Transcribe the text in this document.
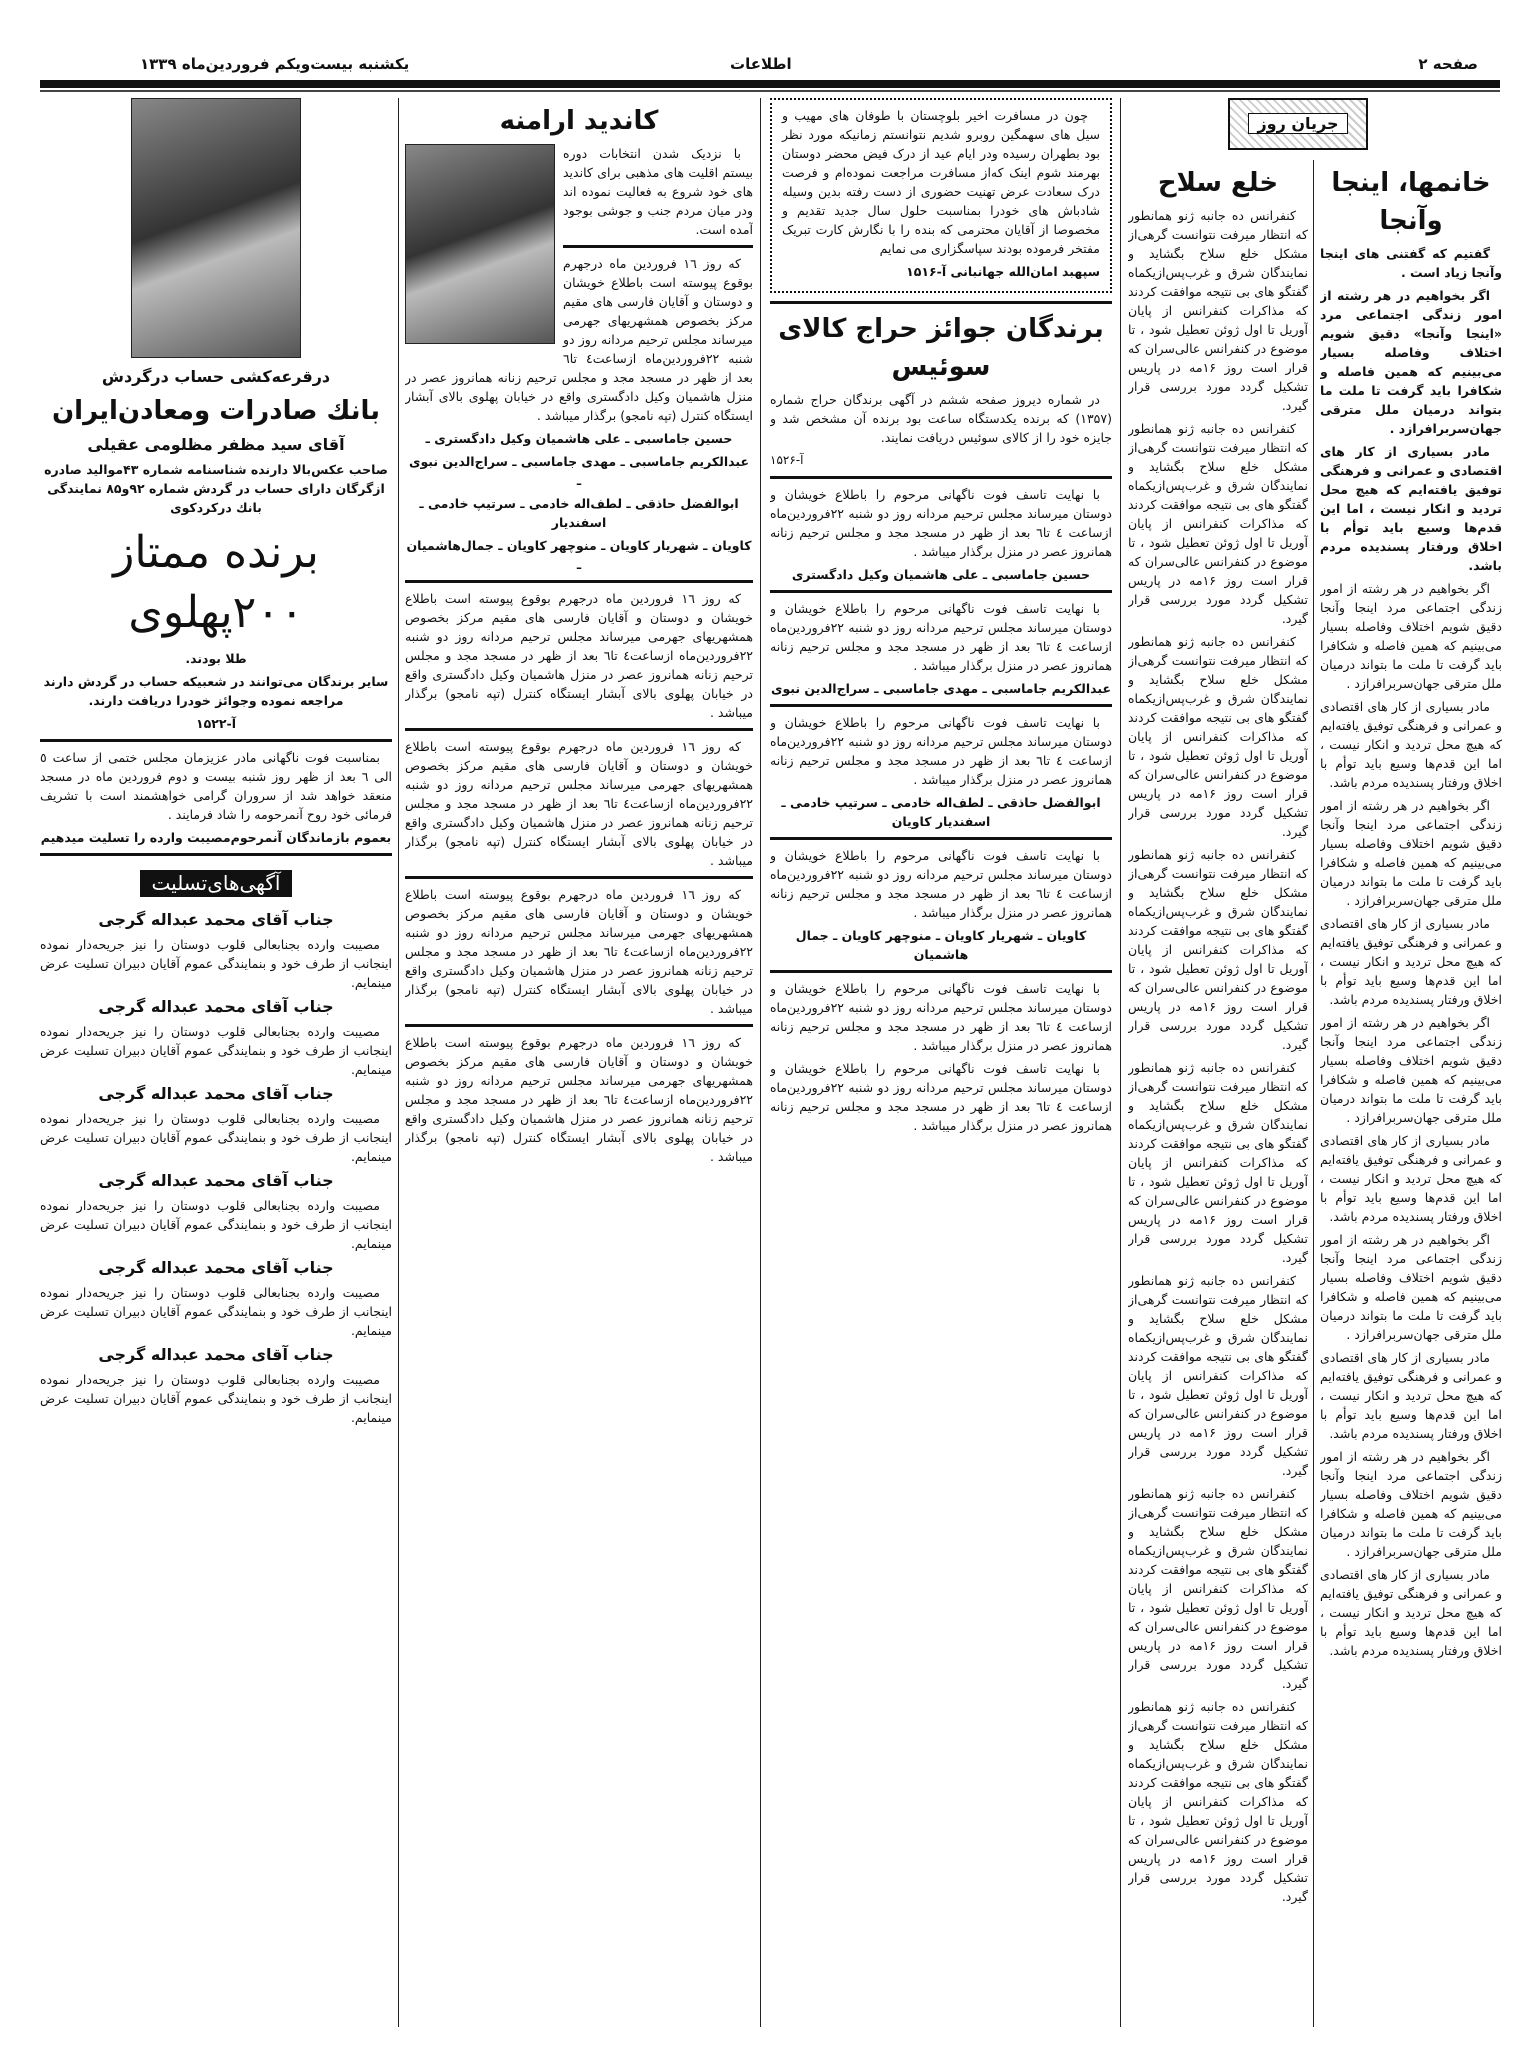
صفحه ۲
اطلاعات
یکشنبه بیست‌ویکم فروردین‌ماه ۱۳۳۹
جریان روز
خانمها، اینجا وآنجا

گفتیم که گفتنی های اینجا وآنجا زیاد است .

اگر بخواهیم در هر رشته از امور زندگی اجتماعی مرد «اینجا وآنجا» دقیق شویم اختلاف وفاصله بسیار می‌بینیم که همین فاصله و شکافرا باید گرفت تا ملت ما بتواند درمیان ملل مترقی جهان‌سربرافرازد .

مادر بسیاری از کار های اقتصادی و عمرانی و فرهنگی توفیق یافته‌ایم که هیچ محل تردید و انکار نیست ، اما این قدم‌ها وسیع باید توأم با اخلاق ورفتار پسندیده مردم باشد.

اگر بخواهیم در هر رشته از امور زندگی اجتماعی مرد اینجا وآنجا دقیق شویم اختلاف وفاصله بسیار می‌بینیم که همین فاصله و شکافرا باید گرفت تا ملت ما بتواند درمیان ملل مترقی جهان‌سربرافرازد .

مادر بسیاری از کار های اقتصادی و عمرانی و فرهنگی توفیق یافته‌ایم که هیچ محل تردید و انکار نیست ، اما این قدم‌ها وسیع باید توأم با اخلاق ورفتار پسندیده مردم باشد.

اگر بخواهیم در هر رشته از امور زندگی اجتماعی مرد اینجا وآنجا دقیق شویم اختلاف وفاصله بسیار می‌بینیم که همین فاصله و شکافرا باید گرفت تا ملت ما بتواند درمیان ملل مترقی جهان‌سربرافرازد .

مادر بسیاری از کار های اقتصادی و عمرانی و فرهنگی توفیق یافته‌ایم که هیچ محل تردید و انکار نیست ، اما این قدم‌ها وسیع باید توأم با اخلاق ورفتار پسندیده مردم باشد.

اگر بخواهیم در هر رشته از امور زندگی اجتماعی مرد اینجا وآنجا دقیق شویم اختلاف وفاصله بسیار می‌بینیم که همین فاصله و شکافرا باید گرفت تا ملت ما بتواند درمیان ملل مترقی جهان‌سربرافرازد .

مادر بسیاری از کار های اقتصادی و عمرانی و فرهنگی توفیق یافته‌ایم که هیچ محل تردید و انکار نیست ، اما این قدم‌ها وسیع باید توأم با اخلاق ورفتار پسندیده مردم باشد.

اگر بخواهیم در هر رشته از امور زندگی اجتماعی مرد اینجا وآنجا دقیق شویم اختلاف وفاصله بسیار می‌بینیم که همین فاصله و شکافرا باید گرفت تا ملت ما بتواند درمیان ملل مترقی جهان‌سربرافرازد .

مادر بسیاری از کار های اقتصادی و عمرانی و فرهنگی توفیق یافته‌ایم که هیچ محل تردید و انکار نیست ، اما این قدم‌ها وسیع باید توأم با اخلاق ورفتار پسندیده مردم باشد.

اگر بخواهیم در هر رشته از امور زندگی اجتماعی مرد اینجا وآنجا دقیق شویم اختلاف وفاصله بسیار می‌بینیم که همین فاصله و شکافرا باید گرفت تا ملت ما بتواند درمیان ملل مترقی جهان‌سربرافرازد .

مادر بسیاری از کار های اقتصادی و عمرانی و فرهنگی توفیق یافته‌ایم که هیچ محل تردید و انکار نیست ، اما این قدم‌ها وسیع باید توأم با اخلاق ورفتار پسندیده مردم باشد.

خلع سلاح

کنفرانس ده جانبه ژنو همانطور که انتظار میرفت نتوانست گرهی‌از مشکل خلع سلاح بگشاید و نمایندگان شرق و غرب‌پس‌ازیکماه گفتگو های بی نتیجه موافقت کردند که مذاکرات کنفرانس از پایان آوریل تا اول ژوئن تعطیل شود ، تا موضوع در کنفرانس عالی‌سران که قرار است روز ۱۶مه در پاریس تشکیل گردد مورد بررسی قرار گیرد.

کنفرانس ده جانبه ژنو همانطور که انتظار میرفت نتوانست گرهی‌از مشکل خلع سلاح بگشاید و نمایندگان شرق و غرب‌پس‌ازیکماه گفتگو های بی نتیجه موافقت کردند که مذاکرات کنفرانس از پایان آوریل تا اول ژوئن تعطیل شود ، تا موضوع در کنفرانس عالی‌سران که قرار است روز ۱۶مه در پاریس تشکیل گردد مورد بررسی قرار گیرد.

کنفرانس ده جانبه ژنو همانطور که انتظار میرفت نتوانست گرهی‌از مشکل خلع سلاح بگشاید و نمایندگان شرق و غرب‌پس‌ازیکماه گفتگو های بی نتیجه موافقت کردند که مذاکرات کنفرانس از پایان آوریل تا اول ژوئن تعطیل شود ، تا موضوع در کنفرانس عالی‌سران که قرار است روز ۱۶مه در پاریس تشکیل گردد مورد بررسی قرار گیرد.

کنفرانس ده جانبه ژنو همانطور که انتظار میرفت نتوانست گرهی‌از مشکل خلع سلاح بگشاید و نمایندگان شرق و غرب‌پس‌ازیکماه گفتگو های بی نتیجه موافقت کردند که مذاکرات کنفرانس از پایان آوریل تا اول ژوئن تعطیل شود ، تا موضوع در کنفرانس عالی‌سران که قرار است روز ۱۶مه در پاریس تشکیل گردد مورد بررسی قرار گیرد.

کنفرانس ده جانبه ژنو همانطور که انتظار میرفت نتوانست گرهی‌از مشکل خلع سلاح بگشاید و نمایندگان شرق و غرب‌پس‌ازیکماه گفتگو های بی نتیجه موافقت کردند که مذاکرات کنفرانس از پایان آوریل تا اول ژوئن تعطیل شود ، تا موضوع در کنفرانس عالی‌سران که قرار است روز ۱۶مه در پاریس تشکیل گردد مورد بررسی قرار گیرد.

کنفرانس ده جانبه ژنو همانطور که انتظار میرفت نتوانست گرهی‌از مشکل خلع سلاح بگشاید و نمایندگان شرق و غرب‌پس‌ازیکماه گفتگو های بی نتیجه موافقت کردند که مذاکرات کنفرانس از پایان آوریل تا اول ژوئن تعطیل شود ، تا موضوع در کنفرانس عالی‌سران که قرار است روز ۱۶مه در پاریس تشکیل گردد مورد بررسی قرار گیرد.

کنفرانس ده جانبه ژنو همانطور که انتظار میرفت نتوانست گرهی‌از مشکل خلع سلاح بگشاید و نمایندگان شرق و غرب‌پس‌ازیکماه گفتگو های بی نتیجه موافقت کردند که مذاکرات کنفرانس از پایان آوریل تا اول ژوئن تعطیل شود ، تا موضوع در کنفرانس عالی‌سران که قرار است روز ۱۶مه در پاریس تشکیل گردد مورد بررسی قرار گیرد.

کنفرانس ده جانبه ژنو همانطور که انتظار میرفت نتوانست گرهی‌از مشکل خلع سلاح بگشاید و نمایندگان شرق و غرب‌پس‌ازیکماه گفتگو های بی نتیجه موافقت کردند که مذاکرات کنفرانس از پایان آوریل تا اول ژوئن تعطیل شود ، تا موضوع در کنفرانس عالی‌سران که قرار است روز ۱۶مه در پاریس تشکیل گردد مورد بررسی قرار گیرد.

چون در مسافرت اخیر بلوچستان با طوفان های مهیب و سیل های سهمگین روبرو شدیم نتوانستم زمانیکه مورد نظر بود بطهران رسیده ودر ایام عید از درک فیض محضر دوستان بهرمند شوم اینک که‌از مسافرت مراجعت نموده‌ام و فرصت درک سعادت عرض تهنیت حضوری از دست رفته بدین وسیله شادباش های خودرا بمناسبت حلول سال جدید تقدیم و مخصوصا از آقایان محترمی که بنده را با نگارش کارت تبریک مفتخر فرموده بودند سپاسگزاری می نمایم

سپهبد امان‌الله جهانبانی آ-۱۵۱۶

برندگان جوائز حراج کالای سوئیس

در شماره دیروز صفحه ششم در آگهی برندگان حراج شماره (۱۳۵۷) که برنده یکدستگاه ساعت بود برنده آن مشخص شد و جایزه خود را از کالای سوئیس دریافت نمایند.

آ-۱۵۲۶

با نهایت تاسف فوت ناگهانی مرحوم را باطلاع خویشان و دوستان میرساند مجلس ترحیم مردانه روز دو شنبه ۲۲فروردین‌ماه ازساعت ٤ تا٦ بعد از ظهر در مسجد مجد و مجلس ترحیم زنانه همانروز عصر در منزل برگذار میباشد .

حسین جاماسبی ـ علی هاشمیان وکیل دادگستری

با نهایت تاسف فوت ناگهانی مرحوم را باطلاع خویشان و دوستان میرساند مجلس ترحیم مردانه روز دو شنبه ۲۲فروردین‌ماه ازساعت ٤ تا٦ بعد از ظهر در مسجد مجد و مجلس ترحیم زنانه همانروز عصر در منزل برگذار میباشد .

عبدالکریم جاماسبی ـ مهدی جاماسبی ـ سراج‌الدین نبوی

با نهایت تاسف فوت ناگهانی مرحوم را باطلاع خویشان و دوستان میرساند مجلس ترحیم مردانه روز دو شنبه ۲۲فروردین‌ماه ازساعت ٤ تا٦ بعد از ظهر در مسجد مجد و مجلس ترحیم زنانه همانروز عصر در منزل برگذار میباشد .

ابوالفضل حاذقی ـ لطف‌اله خادمی ـ سرتیپ خادمی ـ اسفندیار کاویان

با نهایت تاسف فوت ناگهانی مرحوم را باطلاع خویشان و دوستان میرساند مجلس ترحیم مردانه روز دو شنبه ۲۲فروردین‌ماه ازساعت ٤ تا٦ بعد از ظهر در مسجد مجد و مجلس ترحیم زنانه همانروز عصر در منزل برگذار میباشد .

کاویان ـ شهریار کاویان ـ منوچهر کاویان ـ جمال هاشمیان

با نهایت تاسف فوت ناگهانی مرحوم را باطلاع خویشان و دوستان میرساند مجلس ترحیم مردانه روز دو شنبه ۲۲فروردین‌ماه ازساعت ٤ تا٦ بعد از ظهر در مسجد مجد و مجلس ترحیم زنانه همانروز عصر در منزل برگذار میباشد .

با نهایت تاسف فوت ناگهانی مرحوم را باطلاع خویشان و دوستان میرساند مجلس ترحیم مردانه روز دو شنبه ۲۲فروردین‌ماه ازساعت ٤ تا٦ بعد از ظهر در مسجد مجد و مجلس ترحیم زنانه همانروز عصر در منزل برگذار میباشد .

کاندید ارامنه

با نزدیک شدن انتخابات دوره بیستم اقلیت های مذهبی برای کاندید های خود شروع به فعالیت نموده اند ودر میان مردم جنب و جوشی بوجود آمده است.

که روز ۱٦ فروردین ماه درجهرم بوقوع پیوسته است باطلاع خویشان و دوستان و آقایان فارسی های مقیم مرکز بخصوص همشهریهای جهرمی میرساند مجلس ترحیم مردانه روز دو شنبه ۲۲فروردین‌ماه ازساعت٤ تا٦ بعد از ظهر در مسجد مجد و مجلس ترحیم زنانه همانروز عصر در منزل هاشمیان وکیل دادگستری واقع در خیابان پهلوی بالای آبشار ایستگاه کنترل (تپه نامجو) برگذار میباشد .

حسین جاماسبی ـ علی هاشمیان وکیل دادگستری ـ

عبدالکریم جاماسبی ـ مهدی جاماسبی ـ سراج‌الدین نبوی ـ

ابوالفضل حاذقی ـ لطف‌اله خادمی ـ سرتیپ خادمی ـ اسفندیار

کاویان ـ شهریار کاویان ـ منوچهر کاویان ـ جمال‌هاشمیان ـ

که روز ۱٦ فروردین ماه درجهرم بوقوع پیوسته است باطلاع خویشان و دوستان و آقایان فارسی های مقیم مرکز بخصوص همشهریهای جهرمی میرساند مجلس ترحیم مردانه روز دو شنبه ۲۲فروردین‌ماه ازساعت٤ تا٦ بعد از ظهر در مسجد مجد و مجلس ترحیم زنانه همانروز عصر در منزل هاشمیان وکیل دادگستری واقع در خیابان پهلوی بالای آبشار ایستگاه کنترل (تپه نامجو) برگذار میباشد .

که روز ۱٦ فروردین ماه درجهرم بوقوع پیوسته است باطلاع خویشان و دوستان و آقایان فارسی های مقیم مرکز بخصوص همشهریهای جهرمی میرساند مجلس ترحیم مردانه روز دو شنبه ۲۲فروردین‌ماه ازساعت٤ تا٦ بعد از ظهر در مسجد مجد و مجلس ترحیم زنانه همانروز عصر در منزل هاشمیان وکیل دادگستری واقع در خیابان پهلوی بالای آبشار ایستگاه کنترل (تپه نامجو) برگذار میباشد .

که روز ۱٦ فروردین ماه درجهرم بوقوع پیوسته است باطلاع خویشان و دوستان و آقایان فارسی های مقیم مرکز بخصوص همشهریهای جهرمی میرساند مجلس ترحیم مردانه روز دو شنبه ۲۲فروردین‌ماه ازساعت٤ تا٦ بعد از ظهر در مسجد مجد و مجلس ترحیم زنانه همانروز عصر در منزل هاشمیان وکیل دادگستری واقع در خیابان پهلوی بالای آبشار ایستگاه کنترل (تپه نامجو) برگذار میباشد .

که روز ۱٦ فروردین ماه درجهرم بوقوع پیوسته است باطلاع خویشان و دوستان و آقایان فارسی های مقیم مرکز بخصوص همشهریهای جهرمی میرساند مجلس ترحیم مردانه روز دو شنبه ۲۲فروردین‌ماه ازساعت٤ تا٦ بعد از ظهر در مسجد مجد و مجلس ترحیم زنانه همانروز عصر در منزل هاشمیان وکیل دادگستری واقع در خیابان پهلوی بالای آبشار ایستگاه کنترل (تپه نامجو) برگذار میباشد .

درقرعه‌کشی حساب درگردش
بانك صادرات ومعادن‌ایران
آقای سید مظفر مظلومی عقیلی

صاحب عکس‌بالا دارنده شناسنامه شماره ۴۳موالید صادره ازگرگان دارای حساب در گردش شماره ۹۲و۸۵ نمایندگی بانك درکردکوی

برنده ممتاز ۲۰۰پهلوی

طلا بودند.

سایر برندگان می‌توانند در شعبیکه حساب در گردش دارند مراجعه نموده وجوائز خودرا دریافت دارند.

آ-۱۵۲۲

بمناسبت فوت ناگهانی مادر عزیزمان مجلس ختمی از ساعت ٥ الی ٦ بعد از ظهر روز شنبه بیست و دوم فروردین ماه در مسجد منعقد خواهد شد از سروران گرامی خواهشمند است با تشریف فرمائی خود روح آنمرحومه را شاد فرمایند .

بعموم بازماندگان آنمرحوم‌مصیبت وارده را تسلیت میدهیم

آگهی‌های‌تسلیت
جناب آقای محمد عبداله گرجی

مصیبت وارده بجنابعالی قلوب دوستان را نیز جریحه‌دار نموده اینجانب از طرف خود و بنمایندگی عموم آقایان دبیران تسلیت عرض مینمایم.

جناب آقای محمد عبداله گرجی

مصیبت وارده بجنابعالی قلوب دوستان را نیز جریحه‌دار نموده اینجانب از طرف خود و بنمایندگی عموم آقایان دبیران تسلیت عرض مینمایم.

جناب آقای محمد عبداله گرجی

مصیبت وارده بجنابعالی قلوب دوستان را نیز جریحه‌دار نموده اینجانب از طرف خود و بنمایندگی عموم آقایان دبیران تسلیت عرض مینمایم.

جناب آقای محمد عبداله گرجی

مصیبت وارده بجنابعالی قلوب دوستان را نیز جریحه‌دار نموده اینجانب از طرف خود و بنمایندگی عموم آقایان دبیران تسلیت عرض مینمایم.

جناب آقای محمد عبداله گرجی

مصیبت وارده بجنابعالی قلوب دوستان را نیز جریحه‌دار نموده اینجانب از طرف خود و بنمایندگی عموم آقایان دبیران تسلیت عرض مینمایم.

جناب آقای محمد عبداله گرجی

مصیبت وارده بجنابعالی قلوب دوستان را نیز جریحه‌دار نموده اینجانب از طرف خود و بنمایندگی عموم آقایان دبیران تسلیت عرض مینمایم.
